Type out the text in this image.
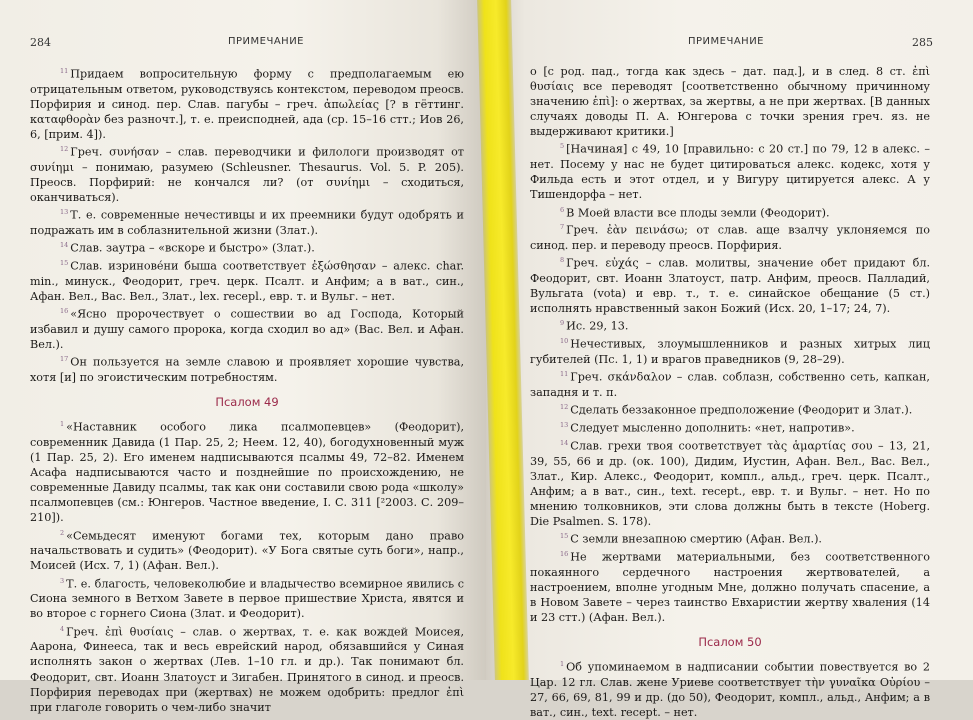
284	ПРИМЕЧАНИЕ

$^{11}$ Придаем вопросительную форму с предполагаемым ею отрицательным ответом, руководствуясь контекстом, переводом преосв. Порфирия и синод. пер. Слав. пагубы – греч. ἀπωλείας [? в гёттинг. καταφθορὰν без разночт.], т. е. преисподней, ада (ср. 15–16 стт.; Иов 26, 6, [прим. 4]).

$^{12}$ Греч. συνήσαν – слав. переводчики и филологи производят от συνίημι – понимаю, разумею (Schleusner. Thesaurus. Vol. 5. P. 205). Преосв. Порфирий: не кончался ли? (от συνίημι – сходиться, оканчиваться).

$^{13}$ Т. е. современные нечестивцы и их преемники будут одобрять и подражать им в соблазнительной жизни (Злат.).

$^{14}$ Слав. заутра – «вскоре и быстро» (Злат.).

$^{15}$ Слав. изринове́ни быша соответствует ἐξώσθησαν – алекс. char. min., минуск., Феодорит, греч. церк. Псалт. и Анфим; а в ват., син., Афан. Вел., Вас. Вел., Злат., lex. recepl., евр. т. и Вульг. – нет.

$^{16}$ «Ясно пророчествует о сошествии во ад Господа, Который избавил и душу самого пророка, когда сходил во ад» (Вас. Вел. и Афан. Вел.).

$^{17}$ Он пользуется на земле славою и проявляет хорошие чувства, хотя [и] по эгоистическим потребностям.

Псалом 49

$^1$ «Наставник особого лика псалмопевцев» (Феодорит), современник Давида (1 Пар. 25, 2; Неем. 12, 40), богодухновенный муж (1 Пар. 25, 2). Его именем надписываются псалмы 49, 72–82. Именем Асафа надписываются часто и позднейшие по происхождению, не современные Давиду псалмы, так как они составили свою рода «школу» псалмопевцев (см.: Юнгеров. Частное введение, I. С. 311 [²2003. С. 209–210]).

$^2$ «Семьдесят именуют богами тех, которым дано право начальствовать и судить» (Феодорит). «У Бога святые суть боги», напр., Моисей (Исх. 7, 1) (Афан. Вел.).

$^3$ Т. е. благость, человеколюбие и владычество всемирное явились с Сиона земного в Ветхом Завете в первое пришествие Христа, явятся и во второе с горнего Сиона (Злат. и Феодорит).

$^4$ Греч. ἐπὶ θυσίαις – слав. о жертвах, т. е. как вождей Моисея, Аарона, Финееса, так и весь еврейский народ, обязавшийся у Синая исполнять закон о жертвах (Лев. 1–10 гл. и др.). Так понимают бл. Феодорит, свт. Иоанн Златоуст и Зигабен. Принятого в синод. и преосв. Порфирия переводах при (жертвах) не можем одобрить: предлог ἐπὶ при глаголе говорить о чем-либо значит

ПРИМЕЧАНИЕ	285

о [с род. пад., тогда как здесь – дат. пад.], и в след. 8 ст. ἐπὶ θυσίαις все переводят [соответственно обычному причинному значению ἐπὶ]: о жертвах, за жертвы, а не при жертвах. [В данных случаях доводы П. А. Юнгерова с точки зрения греч. яз. не выдерживают критики.]

$^5$ [Начиная] с 49, 10 [правильно: с 20 ст.] по 79, 12 в алекс. – нет. Посему у нас не будет цитироваться алекс. кодекс, хотя у Фильда есть и этот отдел, и у Вигуру цитируется алекс. А у Тишендорфа – нет.

$^6$ В Моей власти все плоды земли (Феодорит).

$^7$ Греч. ἐὰν πεινάσω; от слав. аще взалчу уклоняемся по синод. пер. и переводу преосв. Порфирия.

$^8$ Греч. εὐχάς – слав. молитвы, значение обет придают бл. Феодорит, свт. Иоанн Златоуст, патр. Анфим, преосв. Палладий, Вульгата (vota) и евр. т., т. е. синайское обещание (5 ст.) исполнять нравственный закон Божий (Исх. 20, 1–17; 24, 7).

$^9$ Ис. 29, 13.

$^{10}$ Нечестивых, злоумышленников и разных хитрых лиц губителей (Пс. 1, 1) и врагов праведников (9, 28–29).

$^{11}$ Греч. σκάνδαλον – слав. соблазн, собственно сеть, капкан, западня и т. п.

$^{12}$ Сделать беззаконное предположение (Феодорит и Злат.).

$^{13}$ Следует мысленно дополнить: «нет, напротив».

$^{14}$ Слав. грехи твоя соответствует τὰς ἁμαρτίας σου – 13, 21, 39, 55, 66 и др. (ок. 100), Дидим, Иустин, Афан. Вел., Вас. Вел., Злат., Кир. Алекс., Феодорит, компл., альд., греч. церк. Псалт., Анфим; а в ват., син., text. recept., евр. т. и Вульг. – нет. Но по мнению толковников, эти слова должны быть в тексте (Hoberg. Die Psalmen. S. 178).

$^{15}$ С земли внезапною смертию (Афан. Вел.).

$^{16}$ Не жертвами материальными, без соответственного покаянного сердечного настроения жертвователей, а настроением, вполне угодным Мне, должно получать спасение, а в Новом Завете – через таинство Евхаристии жертву хваления (14 и 23 стт.) (Афан. Вел.).

Псалом 50

$^1$ Об упоминаемом в надписании событии повествуется во 2 Цар. 12 гл. Слав. жене Уриеве соответствует τὴν γυναῖκα Οὐρίου – 27, 66, 69, 81, 99 и др. (до 50), Феодорит, компл., альд., Анфим; а в ват., син., text. recept. – нет.
